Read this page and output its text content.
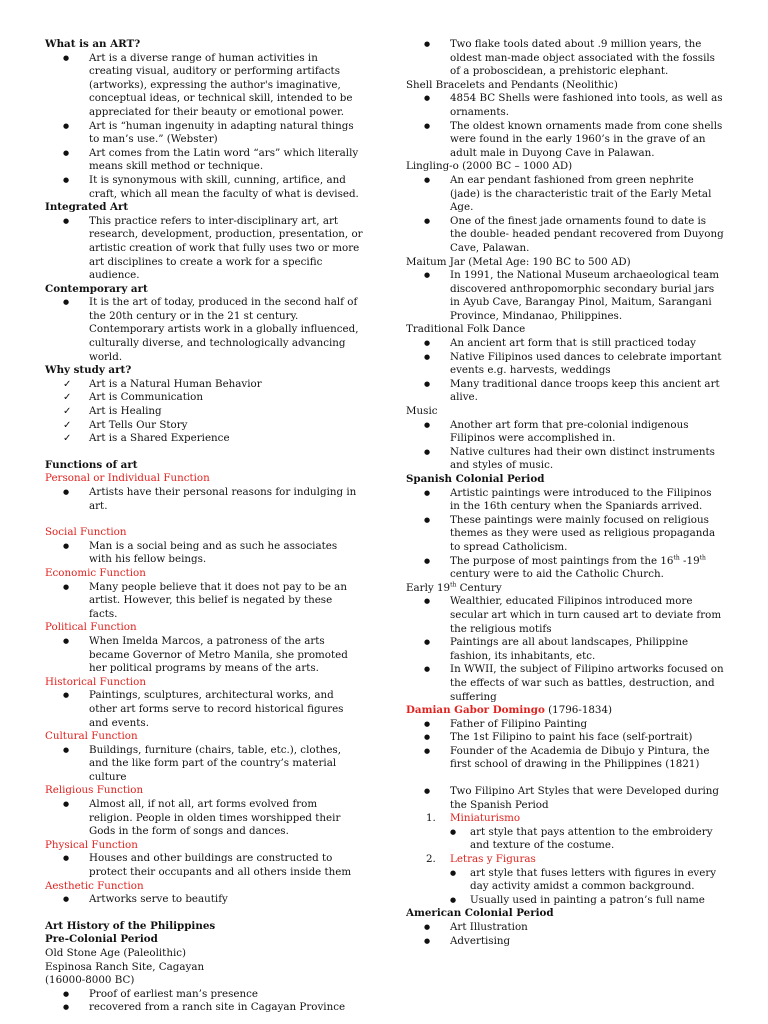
What is an ART?
● Art is a diverse range of human activities in creating visual, auditory or performing artifacts (artworks), expressing the author's imaginative, conceptual ideas, or technical skill, intended to be appreciated for their beauty or emotional power.
● Art is “human ingenuity in adapting natural things to man’s use.” (Webster)
● Art comes from the Latin word “ars” which literally means skill method or technique.
● It is synonymous with skill, cunning, artifice, and craft, which all mean the faculty of what is devised.
Integrated Art
● This practice refers to inter-disciplinary art, art research, development, production, presentation, or artistic creation of work that fully uses two or more art disciplines to create a work for a specific audience.
Contemporary art
● It is the art of today, produced in the second half of the 20th century or in the 21 st century. Contemporary artists work in a globally influenced, culturally diverse, and technologically advancing world.
Why study art?
✓ Art is a Natural Human Behavior
✓ Art is Communication
✓ Art is Healing
✓ Art Tells Our Story
✓ Art is a Shared Experience
Functions of art
Personal or Individual Function
● Artists have their personal reasons for indulging in art.
Social Function
● Man is a social being and as such he associates with his fellow beings.
Economic Function
● Many people believe that it does not pay to be an artist. However, this belief is negated by these facts.
Political Function
● When Imelda Marcos, a patroness of the arts became Governor of Metro Manila, she promoted her political programs by means of the arts.
Historical Function
● Paintings, sculptures, architectural works, and other art forms serve to record historical figures and events.
Cultural Function
● Buildings, furniture (chairs, table, etc.), clothes, and the like form part of the country’s material culture
Religious Function
● Almost all, if not all, art forms evolved from religion. People in olden times worshipped their Gods in the form of songs and dances.
Physical Function
● Houses and other buildings are constructed to protect their occupants and all others inside them
Aesthetic Function
● Artworks serve to beautify
Art History of the Philippines
Pre-Colonial Period
Old Stone Age (Paleolithic)
Espinosa Ranch Site, Cagayan
(16000-8000 BC)
● Proof of earliest man’s presence
● recovered from a ranch site in Cagayan Province
● Two flake tools dated about .9 million years, the oldest man-made object associated with the fossils of a proboscidean, a prehistoric elephant.
Shell Bracelets and Pendants (Neolithic)
● 4854 BC Shells were fashioned into tools, as well as ornaments.
● The oldest known ornaments made from cone shells were found in the early 1960’s in the grave of an adult male in Duyong Cave in Palawan.
Lingling-o (2000 BC – 1000 AD)
● An ear pendant fashioned from green nephrite (jade) is the characteristic trait of the Early Metal Age.
● One of the finest jade ornaments found to date is the double- headed pendant recovered from Duyong Cave, Palawan.
Maitum Jar (Metal Age: 190 BC to 500 AD)
● In 1991, the National Museum archaeological team discovered anthropomorphic secondary burial jars in Ayub Cave, Barangay Pinol, Maitum, Sarangani Province, Mindanao, Philippines.
Traditional Folk Dance
● An ancient art form that is still practiced today
● Native Filipinos used dances to celebrate important events e.g. harvests, weddings
● Many traditional dance troops keep this ancient art alive.
Music
● Another art form that pre-colonial indigenous Filipinos were accomplished in.
● Native cultures had their own distinct instruments and styles of music.
Spanish Colonial Period
● Artistic paintings were introduced to the Filipinos in the 16th century when the Spaniards arrived.
● These paintings were mainly focused on religious themes as they were used as religious propaganda to spread Catholicism.
● The purpose of most paintings from the 16th -19th century were to aid the Catholic Church.
Early 19th Century
● Wealthier, educated Filipinos introduced more secular art which in turn caused art to deviate from the religious motifs
● Paintings are all about landscapes, Philippine fashion, its inhabitants, etc.
● In WWII, the subject of Filipino artworks focused on the effects of war such as battles, destruction, and suffering
Damian Gabor Domingo (1796-1834)
● Father of Filipino Painting
● The 1st Filipino to paint his face (self-portrait)
● Founder of the Academia de Dibujo y Pintura, the first school of drawing in the Philippines (1821)
● Two Filipino Art Styles that were Developed during the Spanish Period
1. Miniaturismo
● art style that pays attention to the embroidery and texture of the costume.
2. Letras y Figuras
● art style that fuses letters with figures in every day activity amidst a common background.
● Usually used in painting a patron’s full name
American Colonial Period
● Art Illustration
● Advertising
